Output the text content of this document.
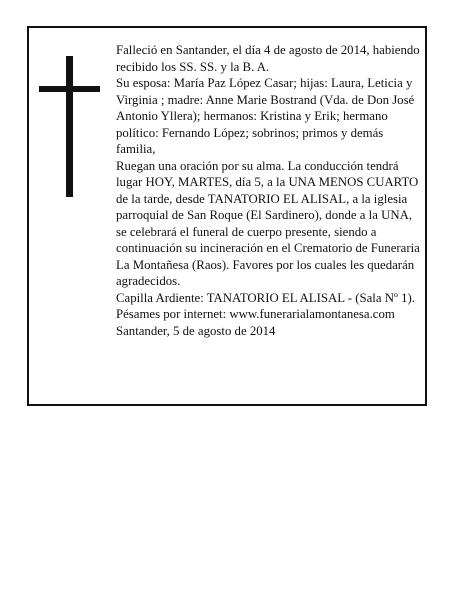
Falleció en Santander, el día 4 de agosto de 2014, habiendo recibido los SS. SS. y la B. A.

Su esposa: María Paz López Casar; hijas: Laura, Leticia y Virginia ; madre: Anne Marie Bostrand (Vda. de Don José Antonio Yllera); hermanos: Kristina y Erik; hermano político: Fernando López; sobrinos; primos y demás familia,

Ruegan una oración por su alma. La conducción tendrá lugar HOY, MARTES, día 5, a la UNA MENOS CUARTO de la tarde, desde TANATORIO EL ALISAL, a la iglesia parroquial de San Roque (El Sardinero), donde a la UNA, se celebrará el funeral de cuerpo presente, siendo a continuación su incineración en el Crematorio de Funeraria La Montañesa (Raos). Favores por los cuales les quedarán agradecidos.

Capilla Ardiente: TANATORIO EL ALISAL - (Sala Nº 1).

Pésames por internet: www.funerarialamontanesa.com

Santander, 5 de agosto de 2014
